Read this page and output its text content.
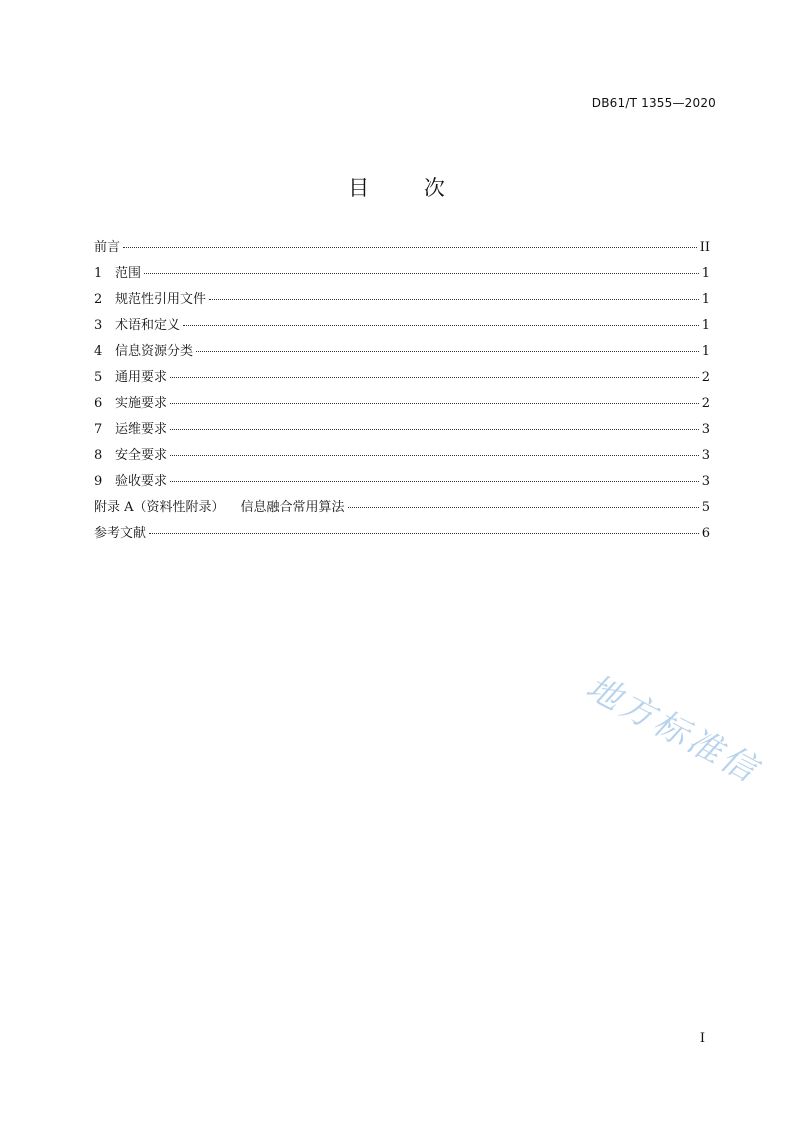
DB61/T 1355—2020
目	次
前言	II
1 范围	1
2 规范性引用文件	1
3 术语和定义	1
4 信息资源分类	1
5 通用要求	2
6 实施要求	2
7 运维要求	3
8 安全要求	3
9 验收要求	3
附录 A（资料性附录） 信息融合常用算法	5
参考文献	6
I
地方标准信
